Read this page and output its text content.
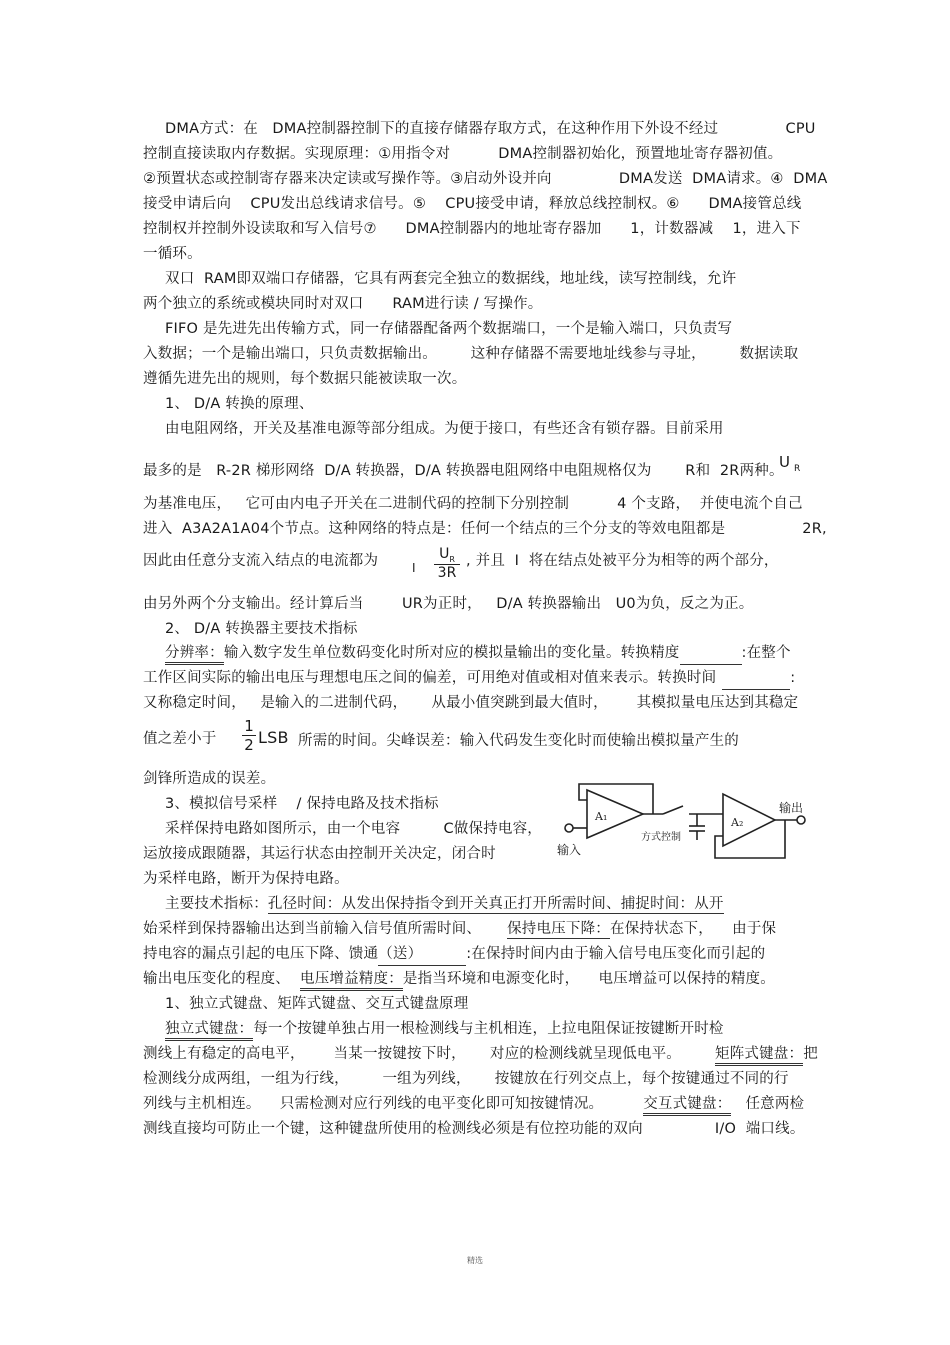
DMA方式：在   DMA控制器控制下的直接存储器存取方式，在这种作用下外设不经过              CPU
控制直接读取内存数据。实现原理：①用指令对          DMA控制器初始化，预置地址寄存器初值。
②预置状态或控制寄存器来决定读或写操作等。③启动外设并向              DMA发送  DMA请求。④  DMA
接受申请后向    CPU发出总线请求信号。⑤    CPU接受申请，释放总线控制权。⑥      DMA接管总线
控制权并控制外设读取和写入信号⑦      DMA控制器内的地址寄存器加      1，计数器减    1，进入下
一循环。
双口  RAM即双端口存储器，它具有两套完全独立的数据线，地址线，读写控制线，允许
两个独立的系统或模块同时对双口      RAM进行读 / 写操作。
FIFO 是先进先出传输方式，同一存储器配备两个数据端口，一个是输入端口，只负责写
入数据；一个是输出端口，只负责数据输出。       这种存储器不需要地址线参与寻址，       数据读取
遵循先进先出的规则，每个数据只能被读取一次。
1、 D/A 转换的原理、
由电阻网络，开关及基准电源等部分组成。为便于接口，有些还含有锁存器。目前采用
最多的是   R-2R 梯形网络  D/A 转换器，D/A 转换器电阻网络中电阻规格仅为       R和  2R两种。
U $_R$
为基准电压，   它可由内电子开关在二进制代码的控制下分别控制          4 个支路，  并使电流个自己
进入  A3A2A1A04个节点。这种网络的特点是：任何一个结点的三个分支的等效电阻都是                2R,
因此由任意分支流入结点的电流都为	I $\frac{U_R}{3R}$ , 并且  I  将在结点处被平分为相等的两个部分，
由另外两个分支输出。经计算后当        UR为正时，   D/A 转换器输出   U0为负，反之为正。
2、 D/A 转换器主要技术指标
分辨率：输入数字发生单位数码变化时所对应的模拟量输出的变化量。转换精度	:在整个
工作区间实际的输出电压与理想电压之间的偏差，可用绝对值或相对值来表示。转换时间	:
又称稳定时间，   是输入的二进制代码，     从最小值突跳到最大值时，      其模拟量电压达到其稳定
值之差小于 $\frac{1}{2}$ LSB 所需的时间。尖峰误差：输入代码发生变化时而使输出模拟量产生的
剑锋所造成的误差。
3、模拟信号采样    / 保持电路及技术指标
采样保持电路如图所示，由一个电容         C做保持电容，
运放接成跟随器，其运行状态由控制开关决定，闭合时
为采样电路，断开为保持电路。
A₁	A₂
方式控制
输入
输出
主要技术指标：孔径时间：从发出保持指令到开关真正打开所需时间、捕捉时间：从开
始采样到保持器输出达到当前输入信号值所需时间、 保持电压下降：在保持状态下，    由于保
持电容的漏点引起的电压下降、馈通（送）	:在保持时间内由于输入信号电压变化而引起的
输出电压变化的程度、 电压增益精度：是指当环境和电源变化时，    电压增益可以保持的精度。
1、独立式键盘、矩阵式键盘、交互式键盘原理
独立式键盘：每一个按键单独占用一根检测线与主机相连，上拉电阻保证按键断开时检
测线上有稳定的高电平，      当某一按键按下时，     对应的检测线就呈现低电平。 矩阵式键盘：把
检测线分成两组，一组为行线，       一组为列线，     按键放在行列交点上，每个按键通过不同的行
列线与主机相连。    只需检测对应行列线的电平变化即可知按键情况。	交互式键盘： 任意两检
测线直接均可防止一个键，这种键盘所使用的检测线必须是有位控功能的双向               I/O  端口线。
精选
